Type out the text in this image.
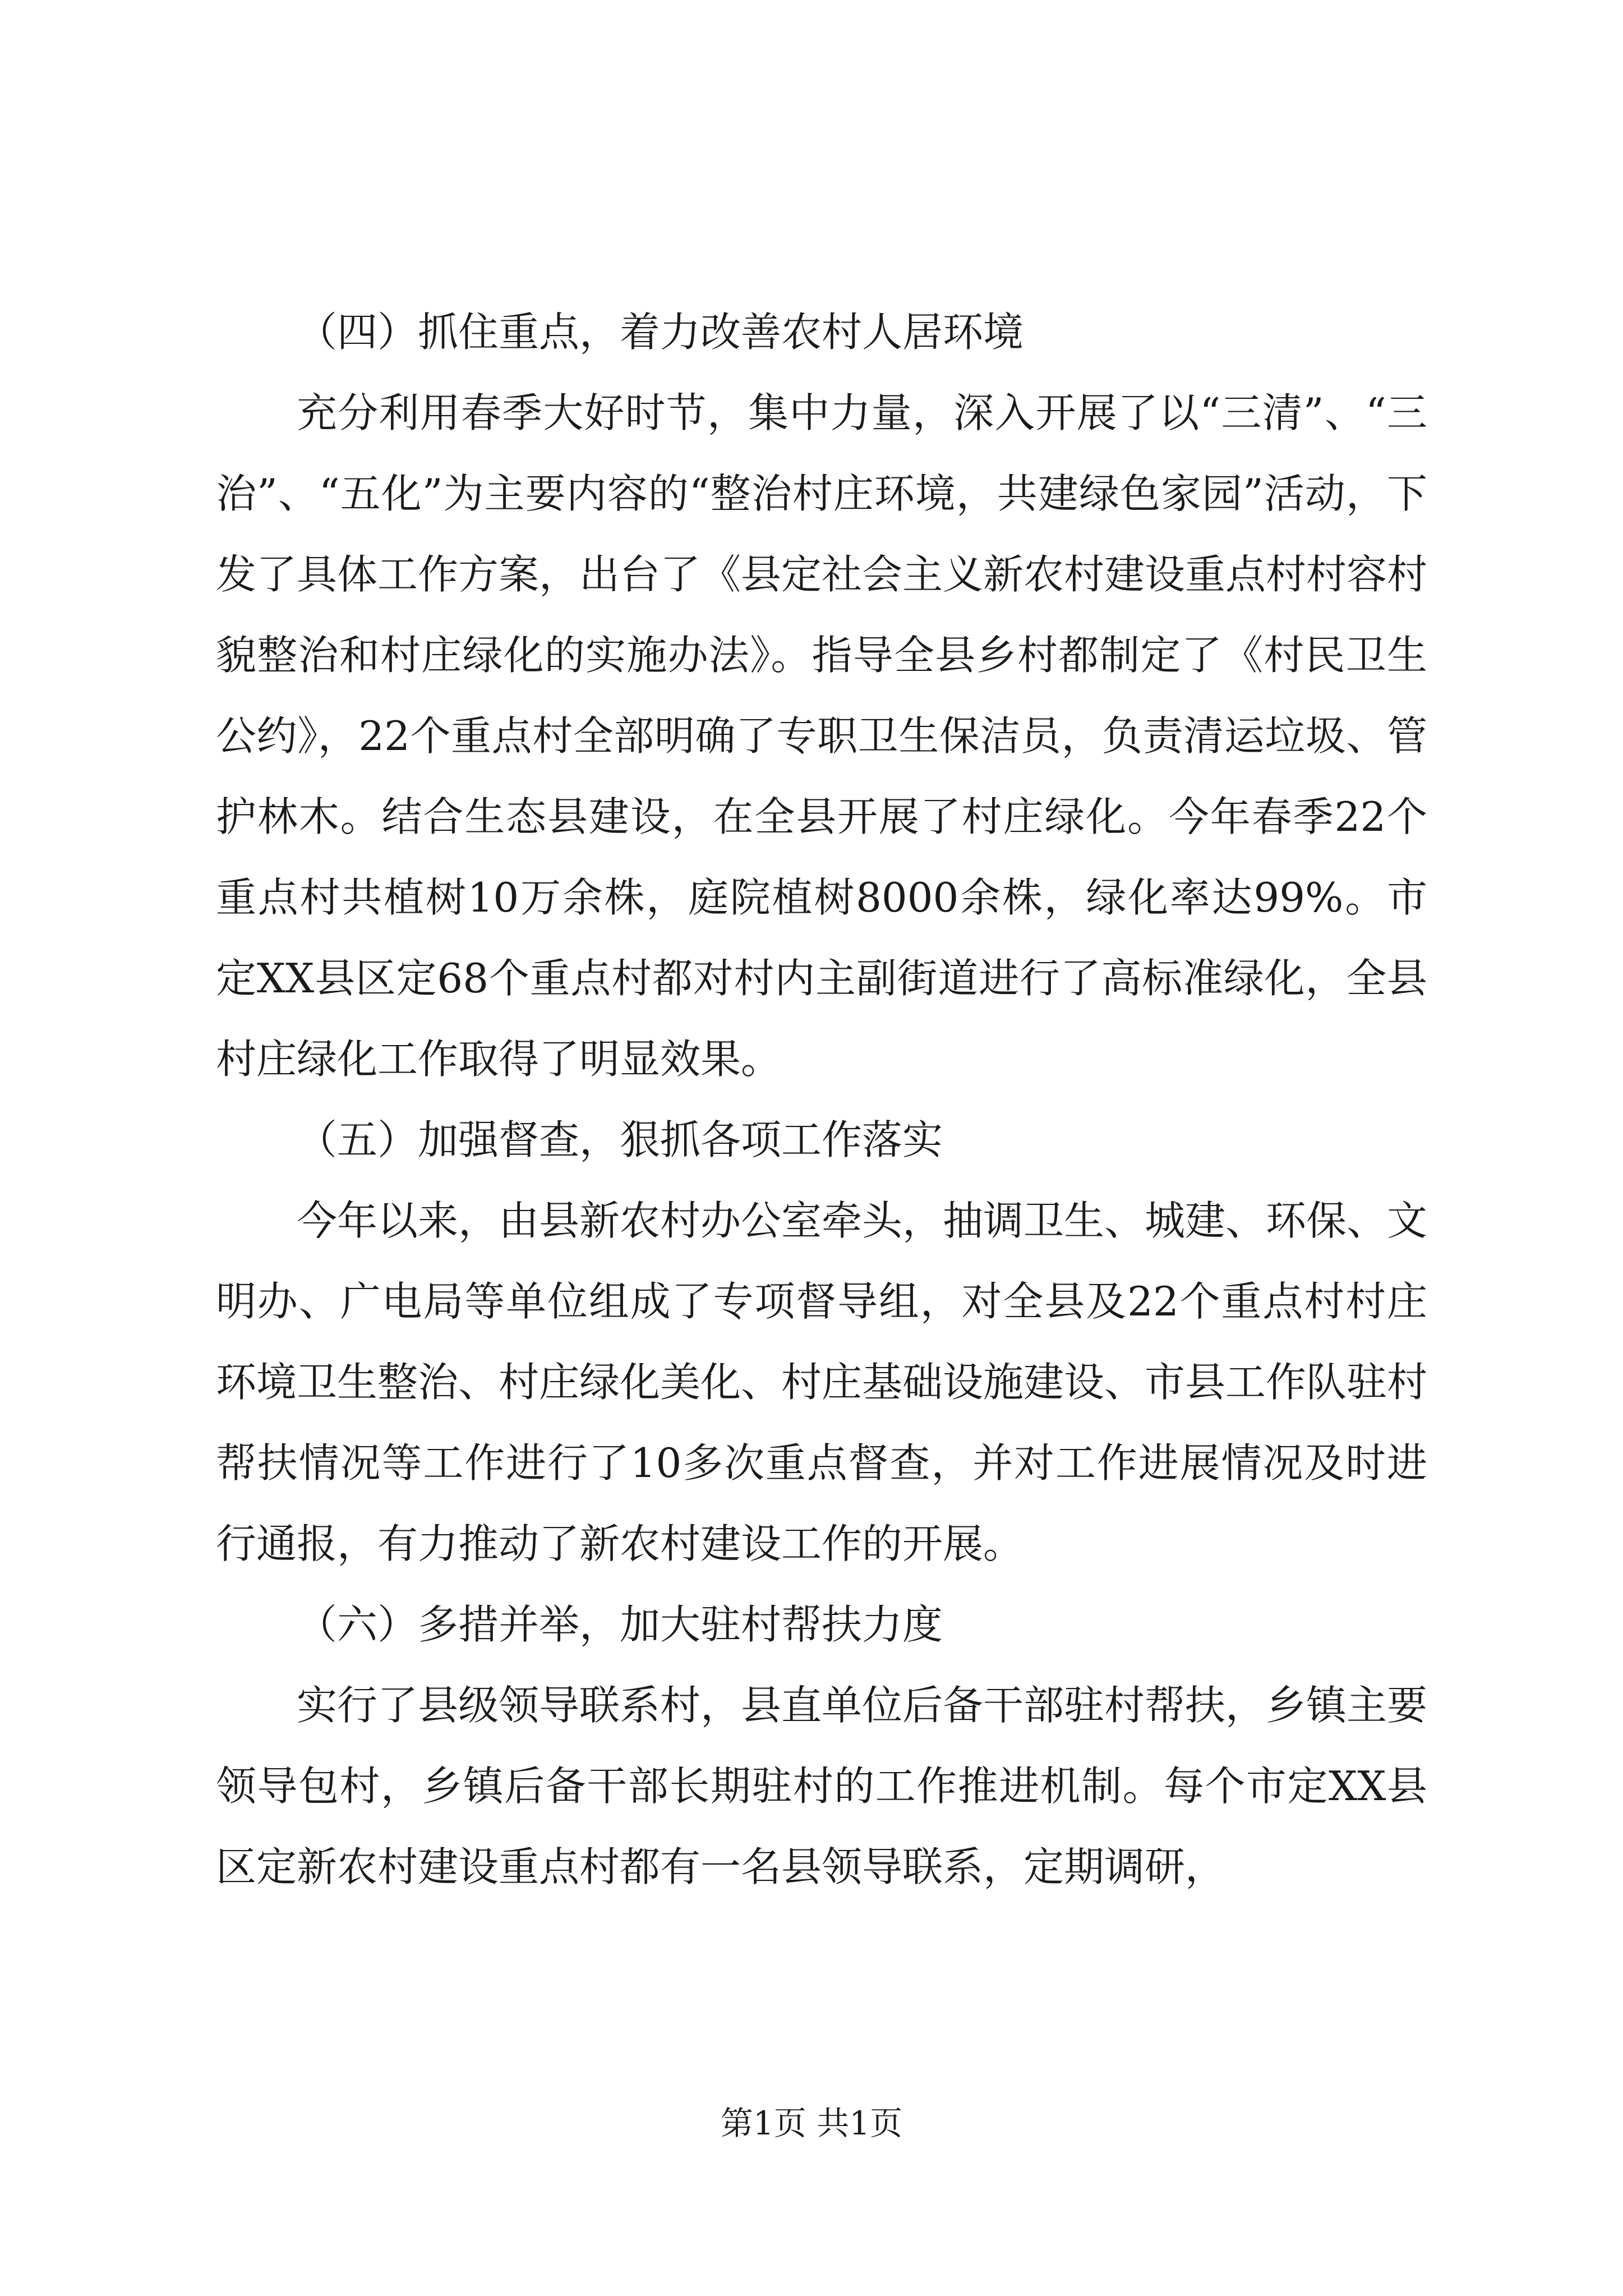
（四）抓住重点，着力改善农村人居环境

充分利用春季大好时节，集中力量，深入开展了以“三清”、“三治”、“五化”为主要内容的“整治村庄环境，共建绿色家园”活动，下发了具体工作方案，出台了《县定社会主义新农村建设重点村村容村貌整治和村庄绿化的实施办法》。指导全县乡村都制定了《村民卫生公约》，22个重点村全部明确了专职卫生保洁员，负责清运垃圾、管护林木。结合生态县建设，在全县开展了村庄绿化。今年春季22个重点村共植树10万余株，庭院植树8000余株，绿化率达99%。市定XX县区定68个重点村都对村内主副街道进行了高标准绿化，全县村庄绿化工作取得了明显效果。

（五）加强督查，狠抓各项工作落实

今年以来，由县新农村办公室牵头，抽调卫生、城建、环保、文明办、广电局等单位组成了专项督导组，对全县及22个重点村村庄环境卫生整治、村庄绿化美化、村庄基础设施建设、市县工作队驻村帮扶情况等工作进行了10多次重点督查，并对工作进展情况及时进行通报，有力推动了新农村建设工作的开展。

（六）多措并举，加大驻村帮扶力度

实行了县级领导联系村，县直单位后备干部驻村帮扶，乡镇主要领导包村，乡镇后备干部长期驻村的工作推进机制。每个市定XX县区定新农村建设重点村都有一名县领导联系，定期调研，

第1页 共1页
